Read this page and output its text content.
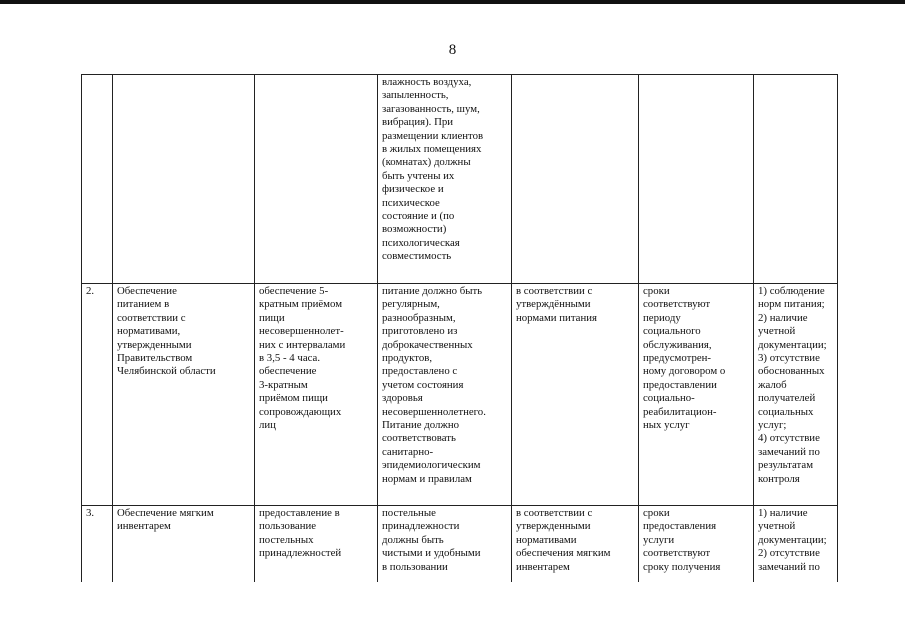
8
влажность воздуха,
запыленность,
загазованность, шум,
вибрация). При
размещении клиентов
в жилых помещениях
(комнатах) должны
быть учтены их
физическое и
психическое
состояние и (по
возможности)
психологическая
совместимость
2.	Обеспечение
питанием в
соответствии с
нормативами,
утвержденными
Правительством
Челябинской области
обеспечение 5-
кратным приёмом
пищи
несовершеннолет-
них с интервалами
в 3,5 - 4 часа.
обеспечение
3-кратным
приёмом пищи
сопровождающих
лиц
питание должно быть
регулярным,
разнообразным,
приготовлено из
доброкачественных
продуктов,
предоставлено с
учетом состояния
здоровья
несовершеннолетнего.
Питание должно
соответствовать
санитарно-
эпидемиологическим
нормам и правилам
в соответствии с
утверждёнными
нормами питания
сроки
соответствуют
периоду
социального
обслуживания,
предусмотрен-
ному договором о
предоставлении
социально-
реабилитацион-
ных услуг
1) соблюдение
норм питания;
2) наличие
учетной
документации;
3) отсутствие
обоснованных
жалоб
получателей
социальных
услуг;
4) отсутствие
замечаний по
результатам
контроля
3.	Обеспечение мягким
инвентарем
предоставление в
пользование
постельных
принадлежностей
постельные
принадлежности
должны быть
чистыми и удобными
в пользовании
в соответствии с
утвержденными
нормативами
обеспечения мягким
инвентарем
сроки
предоставления
услуги
соответствуют
сроку получения
1) наличие
учетной
документации;
2) отсутствие
замечаний по
